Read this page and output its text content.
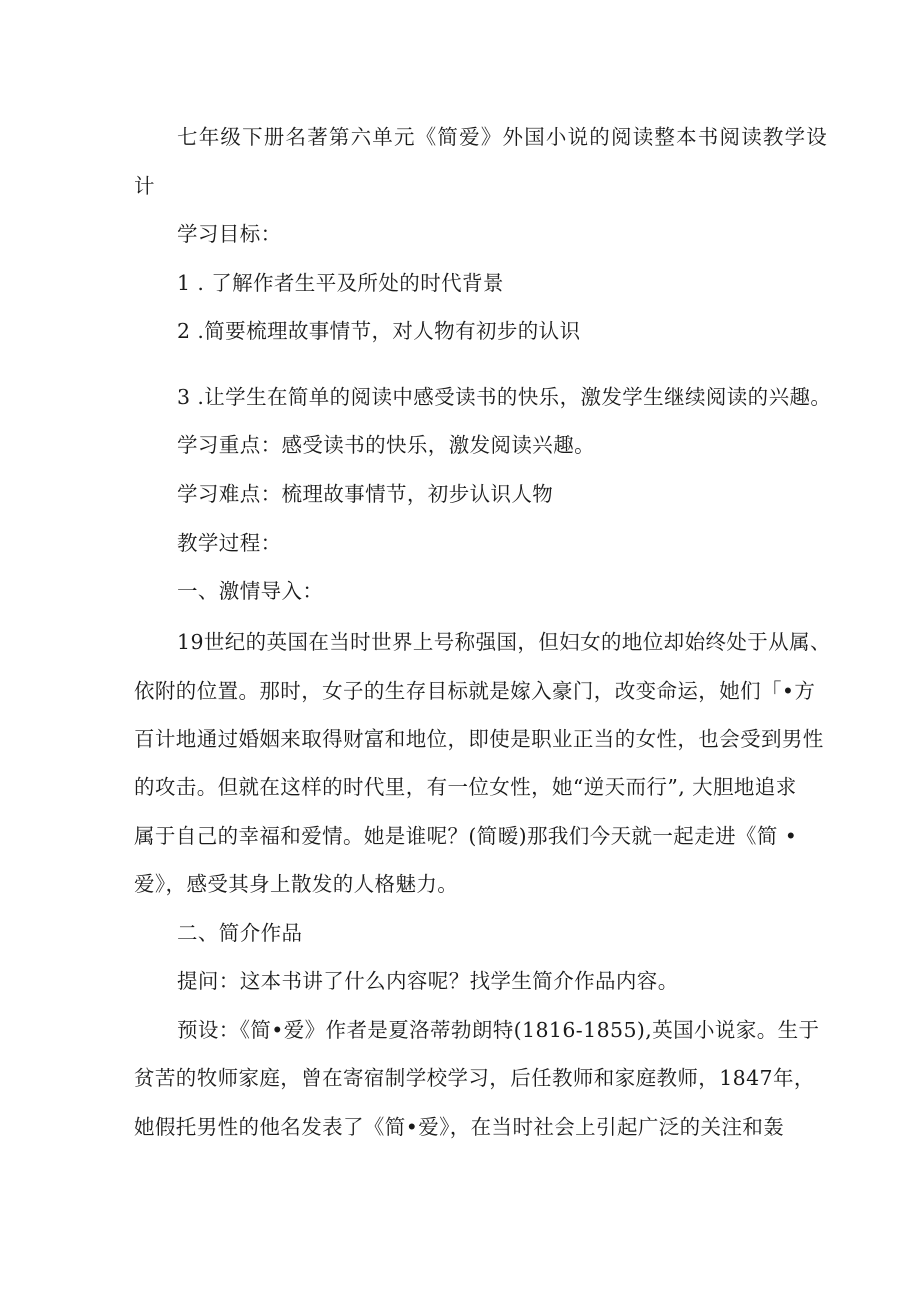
七年级下册名著第六单元《简爱》外国小说的阅读整本书阅读教学设
计
学习目标：
1 . 了解作者生平及所处的时代背景
2 .简要梳理故事情节，对人物有初步的认识
3 .让学生在简单的阅读中感受读书的快乐，激发学生继续阅读的兴趣。
学习重点：感受读书的快乐，激发阅读兴趣。
学习难点：梳理故事情节，初步认识人物
教学过程：
一、激情导入：
19世纪的英国在当时世界上号称强国，但妇女的地位却始终处于从属、
依附的位置。那时，女子的生存目标就是嫁入豪门，改变命运，她们「•方
百计地通过婚姻来取得财富和地位，即使是职业正当的女性，也会受到男性
的攻击。但就在这样的时代里，有一位女性，她“逆天而行”, 大胆地追求
属于自己的幸福和爱情。她是谁呢？(简暧)那我们今天就一起走进《简 •
爱》，感受其身上散发的人格魅力。
二、简介作品
提问：这本书讲了什么内容呢？找学生简介作品内容。
预设：《简•爱》作者是夏洛蒂勃朗特(1816-1855),英国小说家。生于
贫苦的牧师家庭，曾在寄宿制学校学习，后任教师和家庭教师，1847年，
她假托男性的他名发表了《简•爱》，在当时社会上引起广泛的关注和轰
